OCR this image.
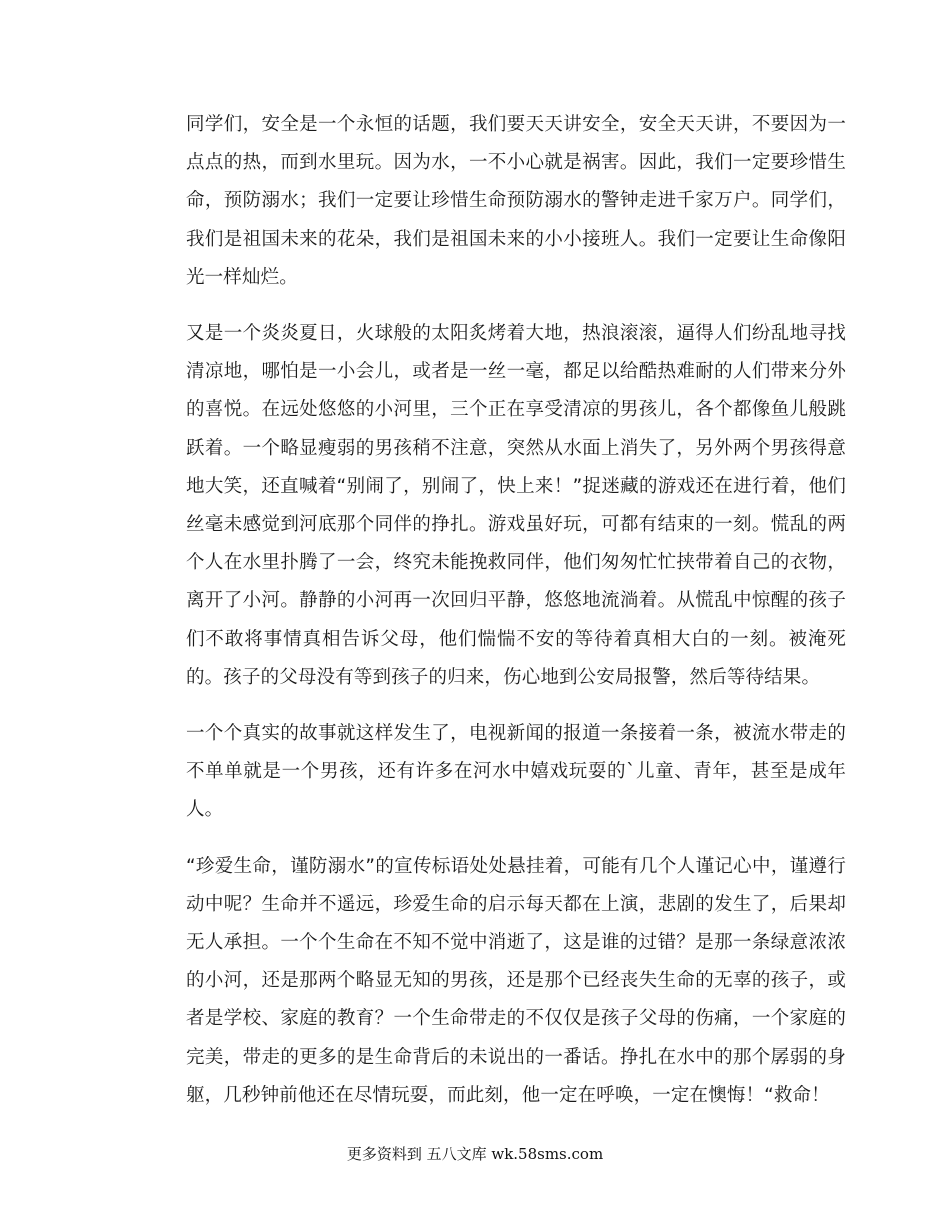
同学们，安全是一个永恒的话题，我们要天天讲安全，安全天天讲，不要因为一点点的热，而到水里玩。因为水，一不小心就是祸害。因此，我们一定要珍惜生命，预防溺水；我们一定要让珍惜生命预防溺水的警钟走进千家万户。同学们，我们是祖国未来的花朵，我们是祖国未来的小小接班人。我们一定要让生命像阳光一样灿烂。

又是一个炎炎夏日，火球般的太阳炙烤着大地，热浪滚滚，逼得人们纷乱地寻找清凉地，哪怕是一小会儿，或者是一丝一毫，都足以给酷热难耐的人们带来分外的喜悦。在远处悠悠的小河里，三个正在享受清凉的男孩儿，各个都像鱼儿般跳跃着。一个略显瘦弱的男孩稍不注意，突然从水面上消失了，另外两个男孩得意地大笑，还直喊着“别闹了，别闹了，快上来！”捉迷藏的游戏还在进行着，他们丝毫未感觉到河底那个同伴的挣扎。游戏虽好玩，可都有结束的一刻。慌乱的两个人在水里扑腾了一会，终究未能挽救同伴，他们匆匆忙忙挟带着自己的衣物，离开了小河。静静的小河再一次回归平静，悠悠地流淌着。从慌乱中惊醒的孩子们不敢将事情真相告诉父母，他们惴惴不安的等待着真相大白的一刻。被淹死的。孩子的父母没有等到孩子的归来，伤心地到公安局报警，然后等待结果。

一个个真实的故事就这样发生了，电视新闻的报道一条接着一条，被流水带走的不单单就是一个男孩，还有许多在河水中嬉戏玩耍的`儿童、青年，甚至是成年人。

“珍爱生命，谨防溺水”的宣传标语处处悬挂着，可能有几个人谨记心中，谨遵行动中呢？生命并不遥远，珍爱生命的启示每天都在上演，悲剧的发生了，后果却无人承担。一个个生命在不知不觉中消逝了，这是谁的过错？是那一条绿意浓浓的小河，还是那两个略显无知的男孩，还是那个已经丧失生命的无辜的孩子，或者是学校、家庭的教育？一个生命带走的不仅仅是孩子父母的伤痛，一个家庭的完美，带走的更多的是生命背后的未说出的一番话。挣扎在水中的那个孱弱的身躯，几秒钟前他还在尽情玩耍，而此刻，他一定在呼唤，一定在懊悔！“救命！

更多资料到 五八文库 wk.58sms.com
